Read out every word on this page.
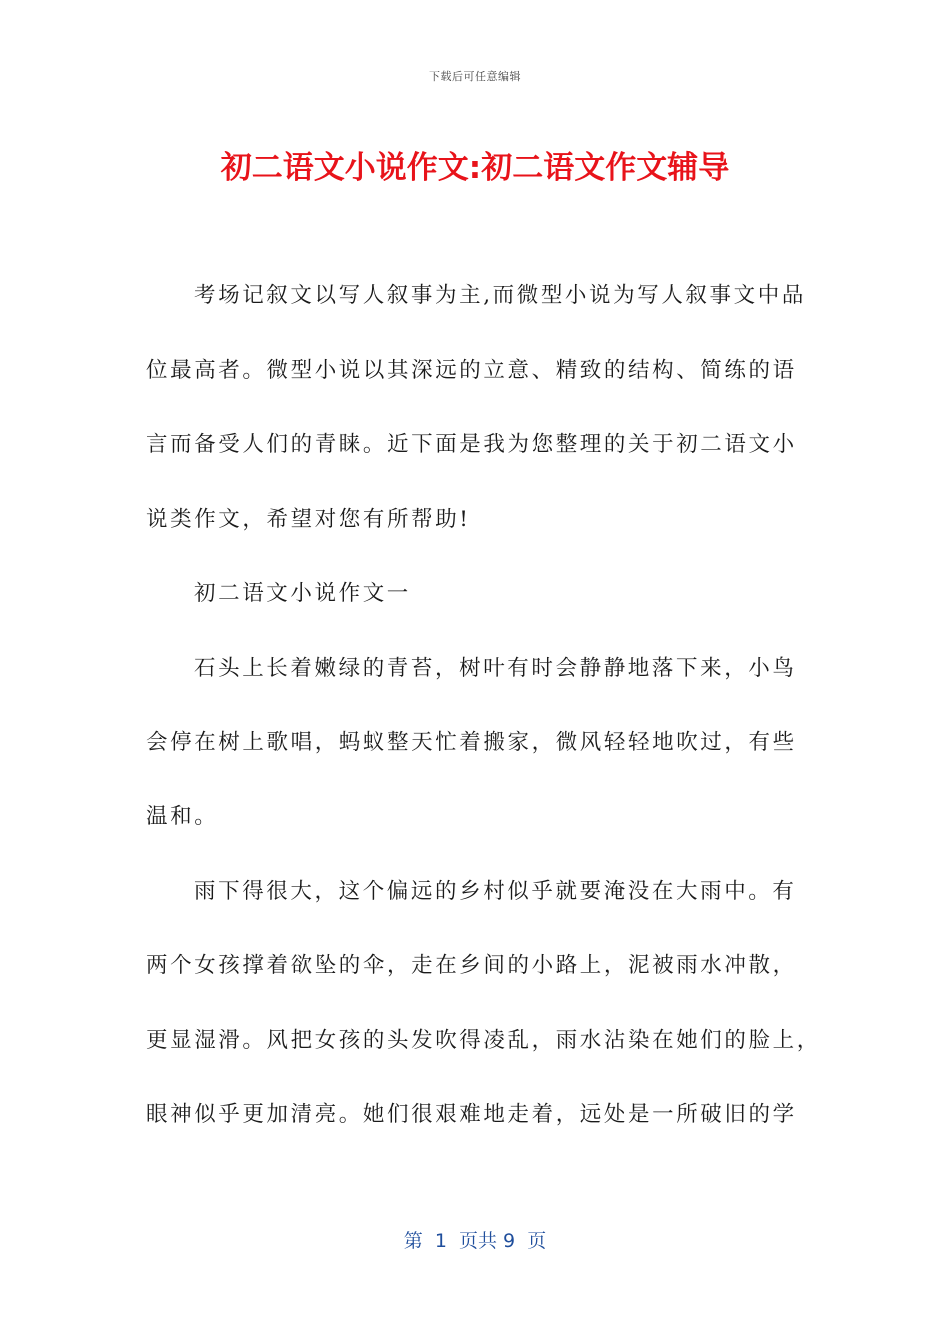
下载后可任意编辑
初二语文小说作文:初二语文作文辅导
考场记叙文以写人叙事为主,而微型小说为写人叙事文中品
位最高者。微型小说以其深远的立意、精致的结构、简练的语
言而备受人们的青睐。近下面是我为您整理的关于初二语文小
说类作文，希望对您有所帮助!
初二语文小说作文一
石头上长着嫩绿的青苔，树叶有时会静静地落下来，小鸟
会停在树上歌唱，蚂蚁整天忙着搬家，微风轻轻地吹过，有些
温和。
雨下得很大，这个偏远的乡村似乎就要淹没在大雨中。有
两个女孩撑着欲坠的伞，走在乡间的小路上，泥被雨水冲散，
更显湿滑。风把女孩的头发吹得凌乱，雨水沾染在她们的脸上，
眼神似乎更加清亮。她们很艰难地走着，远处是一所破旧的学
第  1  页共 9  页
